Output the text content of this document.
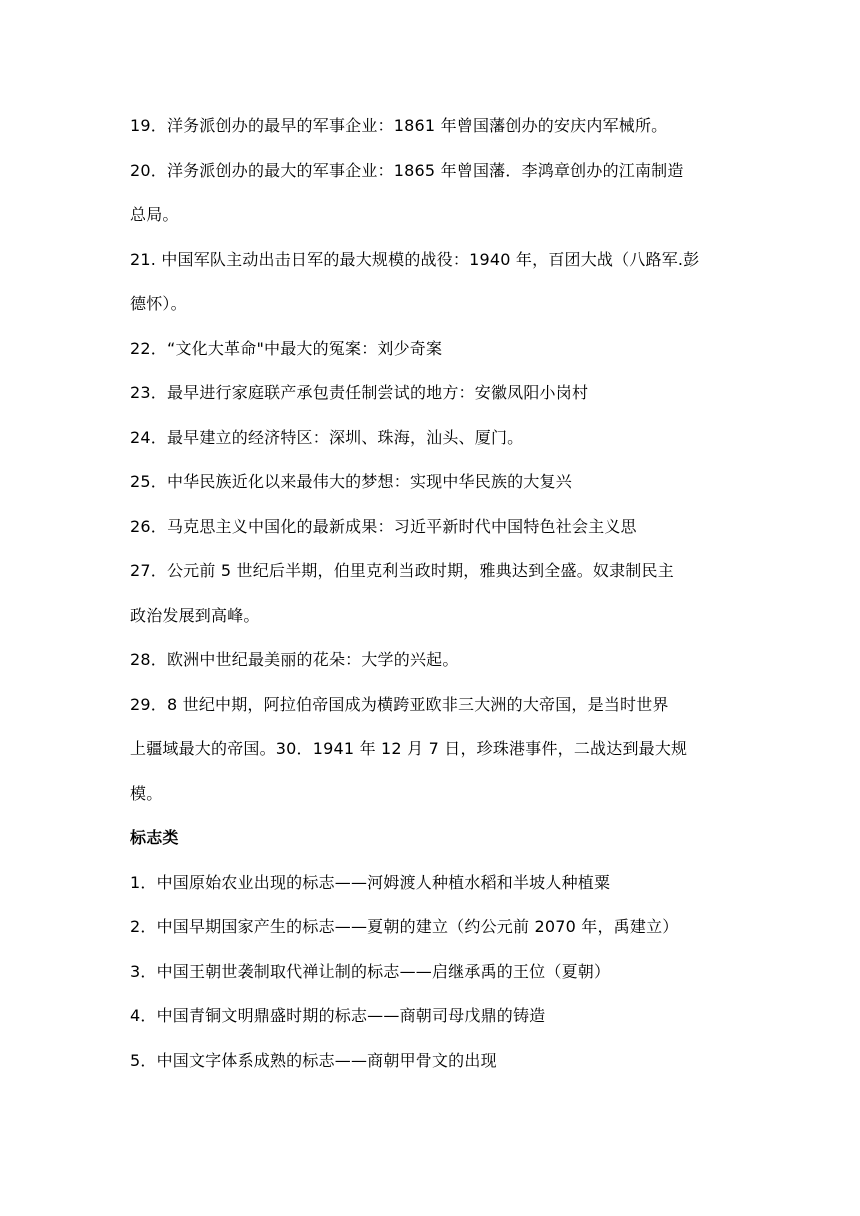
19．洋务派创办的最早的军事企业：1861 年曾国藩创办的安庆内军械所。
20．洋务派创办的最大的军事企业：1865 年曾国藩．李鸿章创办的江南制造
总局。
21. 中国军队主动出击日军的最大规模的战役：1940 年，百团大战（八路军.彭
德怀）。
22．“文化大革命"中最大的冤案：刘少奇案
23．最早进行家庭联产承包责任制尝试的地方：安徽凤阳小岗村
24．最早建立的经济特区：深圳、珠海，汕头、厦门。
25．中华民族近化以来最伟大的梦想：实现中华民族的大复兴
26．马克思主义中国化的最新成果：习近平新时代中国特色社会主义思
27．公元前 5 世纪后半期，伯里克利当政时期，雅典达到全盛。奴隶制民主
政治发展到高峰。
28．欧洲中世纪最美丽的花朵：大学的兴起。
29．8 世纪中期，阿拉伯帝国成为横跨亚欧非三大洲的大帝国，是当时世界
上疆域最大的帝国。30．1941 年 12 月 7 日，珍珠港事件，二战达到最大规
模。
标志类
1．中国原始农业出现的标志——河姆渡人种植水稻和半坡人种植粟
2．中国早期国家产生的标志——夏朝的建立（约公元前 2070 年，禹建立）
3．中国王朝世袭制取代禅让制的标志——启继承禹的王位（夏朝）
4．中国青铜文明鼎盛时期的标志——商朝司母戊鼎的铸造
5．中国文字体系成熟的标志——商朝甲骨文的出现
